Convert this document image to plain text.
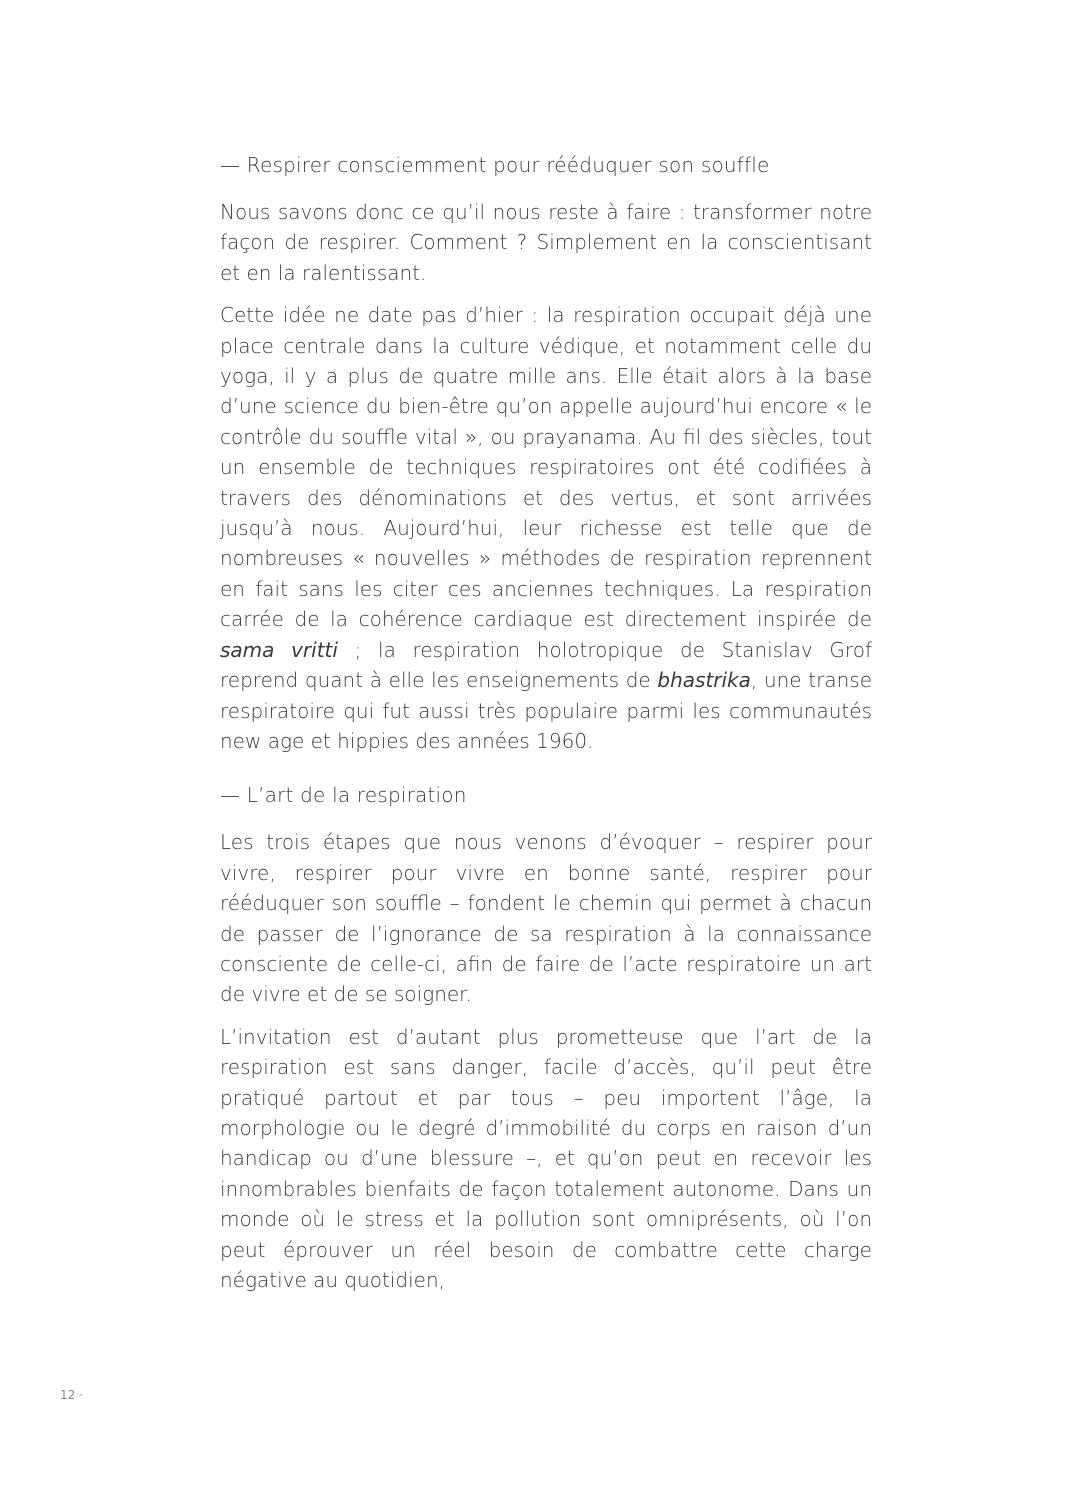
— Respirer consciemment pour rééduquer son souffle

Nous savons donc ce qu’il nous reste à faire : transformer notre façon de respirer. Comment ? Simplement en la conscientisant et en la ralentissant.

Cette idée ne date pas d’hier : la respiration occupait déjà une place centrale dans la culture védique, et notamment celle du yoga, il y a plus de quatre mille ans. Elle était alors à la base d’une science du bien-être qu’on appelle aujourd’hui encore « le contrôle du souffle vital », ou prayanama. Au fil des siècles, tout un ensemble de techniques respiratoires ont été codifiées à travers des dénominations et des vertus, et sont arrivées jusqu’à nous. Aujourd’hui, leur richesse est telle que de nombreuses « nouvelles » méthodes de respiration reprennent en fait sans les citer ces anciennes techniques. La respiration carrée de la cohérence cardiaque est directement inspirée de sama vritti ; la respiration holotropique de Stanislav Grof reprend quant à elle les enseignements de bhastrika, une transe respiratoire qui fut aussi très populaire parmi les communautés new age et hippies des années 1960.

— L’art de la respiration

Les trois étapes que nous venons d’évoquer – respirer pour vivre, respirer pour vivre en bonne santé, respirer pour rééduquer son souffle – fondent le chemin qui permet à chacun de passer de l’ignorance de sa respiration à la connaissance consciente de celle-ci, afin de faire de l’acte respiratoire un art de vivre et de se soigner.

L’invitation est d’autant plus prometteuse que l’art de la respiration est sans danger, facile d’accès, qu’il peut être pratiqué partout et par tous – peu importent l’âge, la morphologie ou le degré d’immobilité du corps en raison d’un handicap ou d’une blessure –, et qu’on peut en recevoir les innombrables bienfaits de façon totalement autonome. Dans un monde où le stress et la pollution sont omniprésents, où l’on peut éprouver un réel besoin de combattre cette charge négative au quotidien,

12 ·
